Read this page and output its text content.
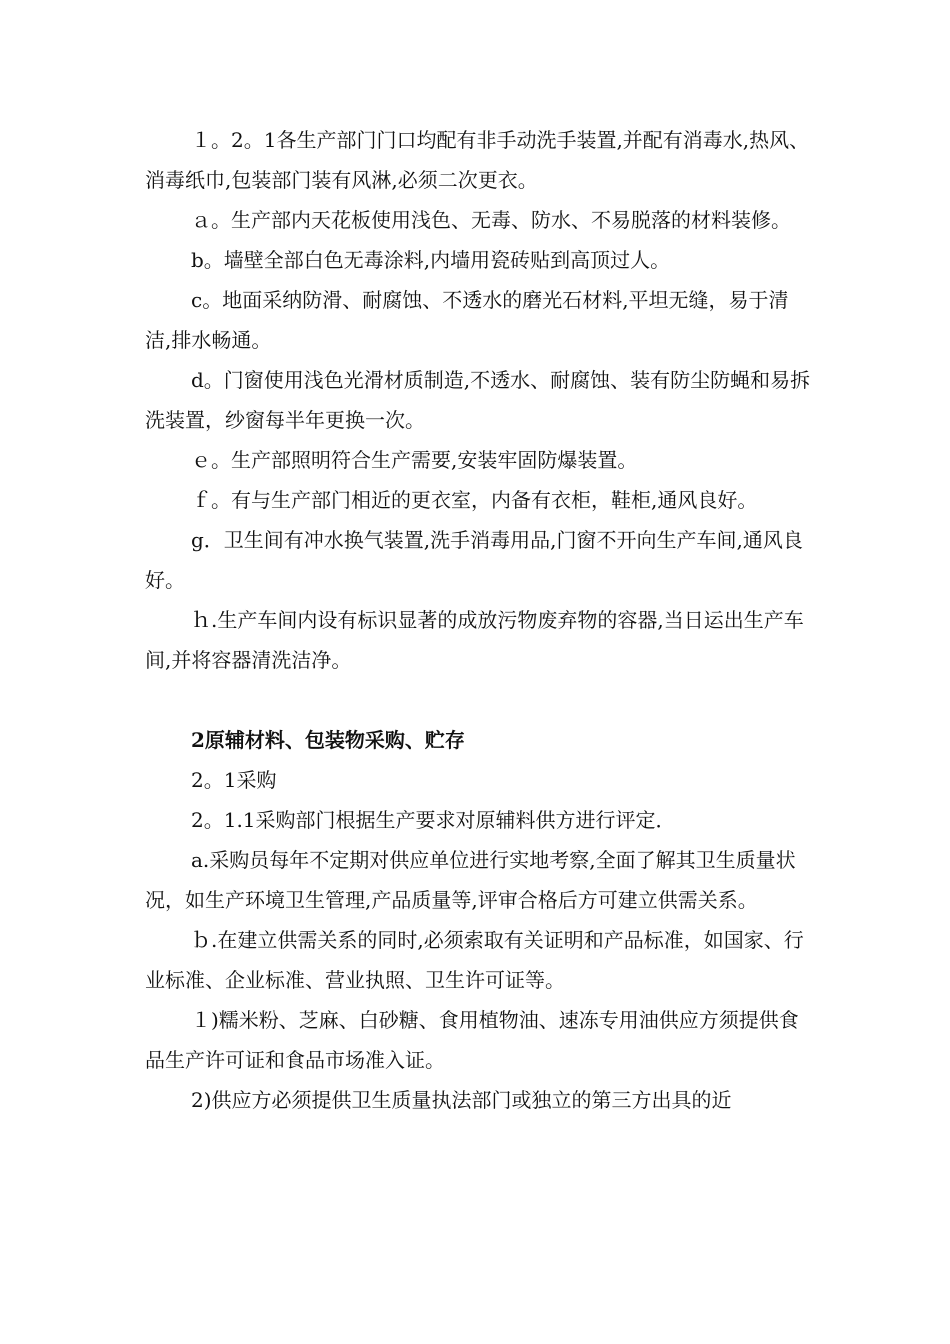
１。2。1各生产部门门口均配有非手动洗手装置,并配有消毒水,热风、消毒纸巾,包装部门装有风淋,必须二次更衣。

ａ。生产部内天花板使用浅色、无毒、防水、不易脱落的材料装修。

b。墙壁全部白色无毒涂料,内墙用瓷砖贴到高顶过人。

c。地面采纳防滑、耐腐蚀、不透水的磨光石材料,平坦无缝，易于清洁,排水畅通。

d。门窗使用浅色光滑材质制造,不透水、耐腐蚀、装有防尘防蝇和易拆洗装置，纱窗每半年更换一次。

ｅ。生产部照明符合生产需要,安装牢固防爆装置。

ｆ。有与生产部门相近的更衣室，内备有衣柜，鞋柜,通风良好。

g．卫生间有冲水换气装置,洗手消毒用品,门窗不开向生产车间,通风良好。

ｈ.生产车间内设有标识显著的成放污物废弃物的容器,当日运出生产车间,并将容器清洗洁净。

2原辅材料、包装物采购、贮存

2。1采购

2。1.1采购部门根据生产要求对原辅料供方进行评定．

a.采购员每年不定期对供应单位进行实地考察,全面了解其卫生质量状况，如生产环境卫生管理,产品质量等,评审合格后方可建立供需关系。

ｂ.在建立供需关系的同时,必须索取有关证明和产品标准，如国家、行业标准、企业标准、营业执照、卫生许可证等。

１)糯米粉、芝麻、白砂糖、食用植物油、速冻专用油供应方须提供食品生产许可证和食品市场准入证。

2)供应方必须提供卫生质量执法部门或独立的第三方出具的近
